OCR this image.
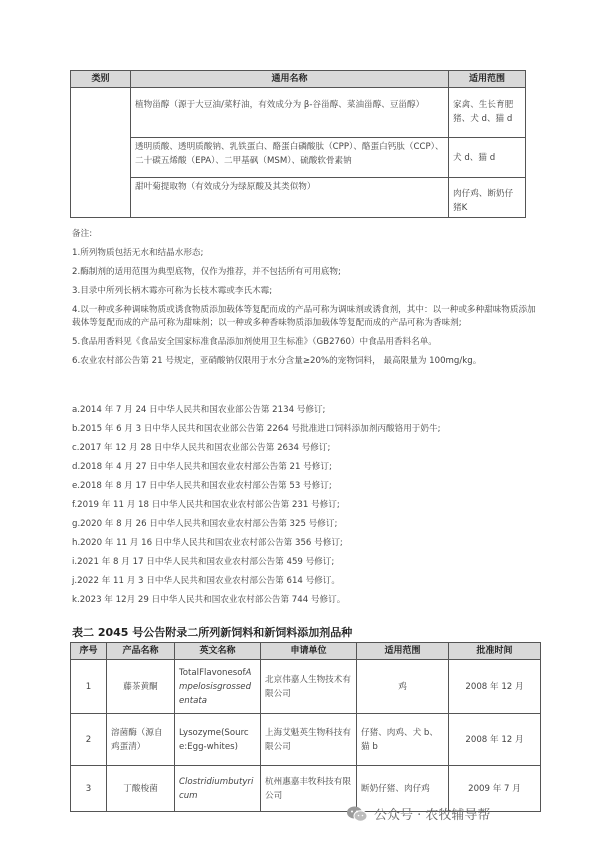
类别	通用名称	适用范围
	植物甾醇（源于大豆油/菜籽油，有效成分为 β-谷甾醇、菜油甾醇、豆甾醇）	家禽、生长育肥猪、犬 d、猫 d
	透明质酸、透明质酸钠、乳铁蛋白、酪蛋白磷酸肽（CPP）、酪蛋白钙肽（CCP）、二十碳五烯酸（EPA）、二甲基砜（MSM）、硫酸软骨素钠	犬 d、猫 d
	甜叶菊提取物（有效成分为绿原酸及其类似物）	肉仔鸡、断奶仔猪K
备注:
1.所列物质包括无水和结晶水形态;
2.酶制剂的适用范围为典型底物，仅作为推荐，并不包括所有可用底物;
3.目录中所列长柄木霉亦可称为长枝木霉或李氏木霉;
4.以一种或多种调味物质或诱食物质添加载体等复配而成的产品可称为调味剂或诱食剂，其中：以一种或多种甜味物质添加载体等复配而成的产品可称为甜味剂；以一种或多种香味物质添加载体等复配而成的产品可称为香味剂;
5.食品用香料见《食品安全国家标准食品添加剂使用卫生标准》（GB2760）中食品用香料名单。
6.农业农村部公告第 21 号规定，亚硝酸钠仅限用于水分含量≥20%的宠物饲料， 最高限量为 100mg/kg。
a.2014 年 7 月 24 日中华人民共和国农业部公告第 2134 号修订;
b.2015 年 6 月 3 日中华人民共和国农业部公告第 2264 号批准进口饲料添加剂丙酸铬用于奶牛;
c.2017 年 12 月 28 日中华人民共和国农业部公告第 2634 号修订;
d.2018 年 4 月 27 日中华人民共和国农业农村部公告第 21 号修订;
e.2018 年 8 月 17 日中华人民共和国农业农村部公告第 53 号修订;
f.2019 年 11 月 18 日中华人民共和国农业农村部公告第 231 号修订;
g.2020 年 8 月 26 日中华人民共和国农业农村部公告第 325 号修订;
h.2020 年 11 月 16 日中华人民共和国农业农村部公告第 356 号修订;
i.2021 年 8 月 17 日中华人民共和国农业农村部公告第 459 号修订;
j.2022 年 11 月 3 日中华人民共和国农业农村部公告第 614 号修订。
k.2023 年 12月 29 日中华人民共和国农业农村部公告第 744 号修订。
表二 2045 号公告附录二所列新饲料和新饲料添加剂品种
序号	产品名称	英文名称	申请单位	适用范围	批准时间
1	藤茶黄酮	TotalFlavonesofAmpelosisgrossedentata	北京伟嘉人生物技术有限公司	鸡	2008 年 12 月
2	溶菌酶（源自鸡蛋清）	Lysozyme(Source:Egg-whites)	上海艾魁英生物科技有限公司	仔猪、肉鸡、犬 b、猫 b	2008 年 12 月
3	丁酸梭菌	Clostridiumbutyricum	杭州惠嘉丰牧科技有限公司	断奶仔猪、肉仔鸡	2009 年 7 月
公众号 · 农牧辅导帮
